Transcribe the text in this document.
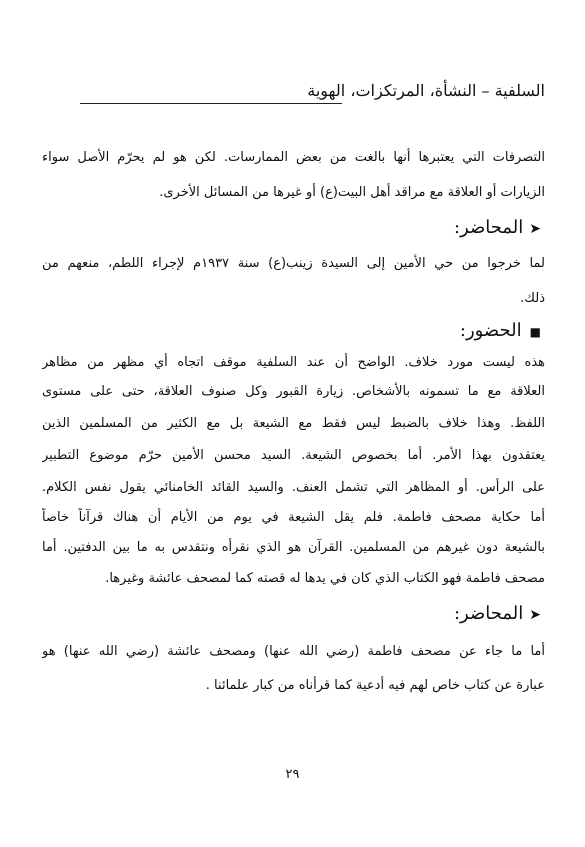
السلفية – النشأة، المرتكزات، الهوية
التصرفات التي يعتبرها أنها بالغت من بعض الممارسات. لكن هو لم يحرّم الأصل سواء
الزيارات أو العلاقة مع مراقد أهل البيت(ع) أو غيرها من المسائل الأخرى.
➤المحاضر:
لما خرجوا من حي الأمين إلى السيدة زينب(ع) سنة ١٩٣٧م لإجراء اللطم، منعهم من
ذلك.
■الحضور:
هذه ليست مورد خلاف. الواضح أن عند السلفية موقف اتجاه أي مظهر من مظاهر
العلاقة مع ما تسمونه بالأشخاص. زيارة القبور وكل صنوف العلاقة، حتى على مستوى
اللفظ. وهذا خلاف بالضبط ليس فقط مع الشيعة بل مع الكثير من المسلمين الذين
يعتقدون بهذا الأمر. أما بخصوص الشيعة. السيد محسن الأمين حرّم موضوع التطبير
على الرأس. أو المظاهر التي تشمل العنف. والسيد القائد الخامنائي يقول نفس الكلام.
أما حكاية مصحف فاطمة. فلم يقل الشيعة في يوم من الأيام أن هناك قرآناً خاصاً
بالشيعة دون غيرهم من المسلمين. القرآن هو الذي نقرأه ونتقدس به ما بين الدفتين. أما
مصحف فاطمة فهو الكتاب الذي كان في يدها له قصته كما لمصحف عائشة وغيرها.
➤المحاضر:
أما ما جاء عن مصحف فاطمة (رضي الله عنها) ومصحف عائشة (رضي الله عنها) هو
عبارة عن كتاب خاص لهم فيه أدعية كما قرأناه من كبار علمائنا .
٢٩
